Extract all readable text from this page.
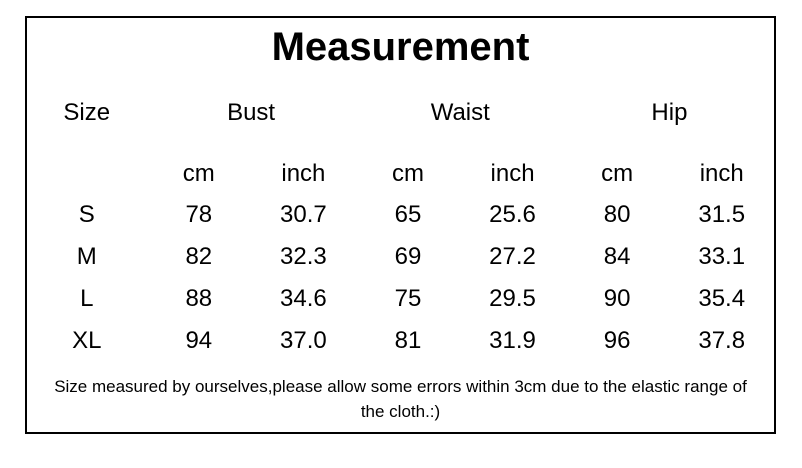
Measurement
Size	Bust		Waist		Hip	

	cm	inch	cm	inch	cm	inch
S	78	30.7	65	25.6	80	31.5
M	82	32.3	69	27.2	84	33.1
L	88	34.6	75	29.5	90	35.4
XL	94	37.0	81	31.9	96	37.8
Size measured by ourselves,please allow some errors within 3cm due to the elastic range of
the cloth.:)
